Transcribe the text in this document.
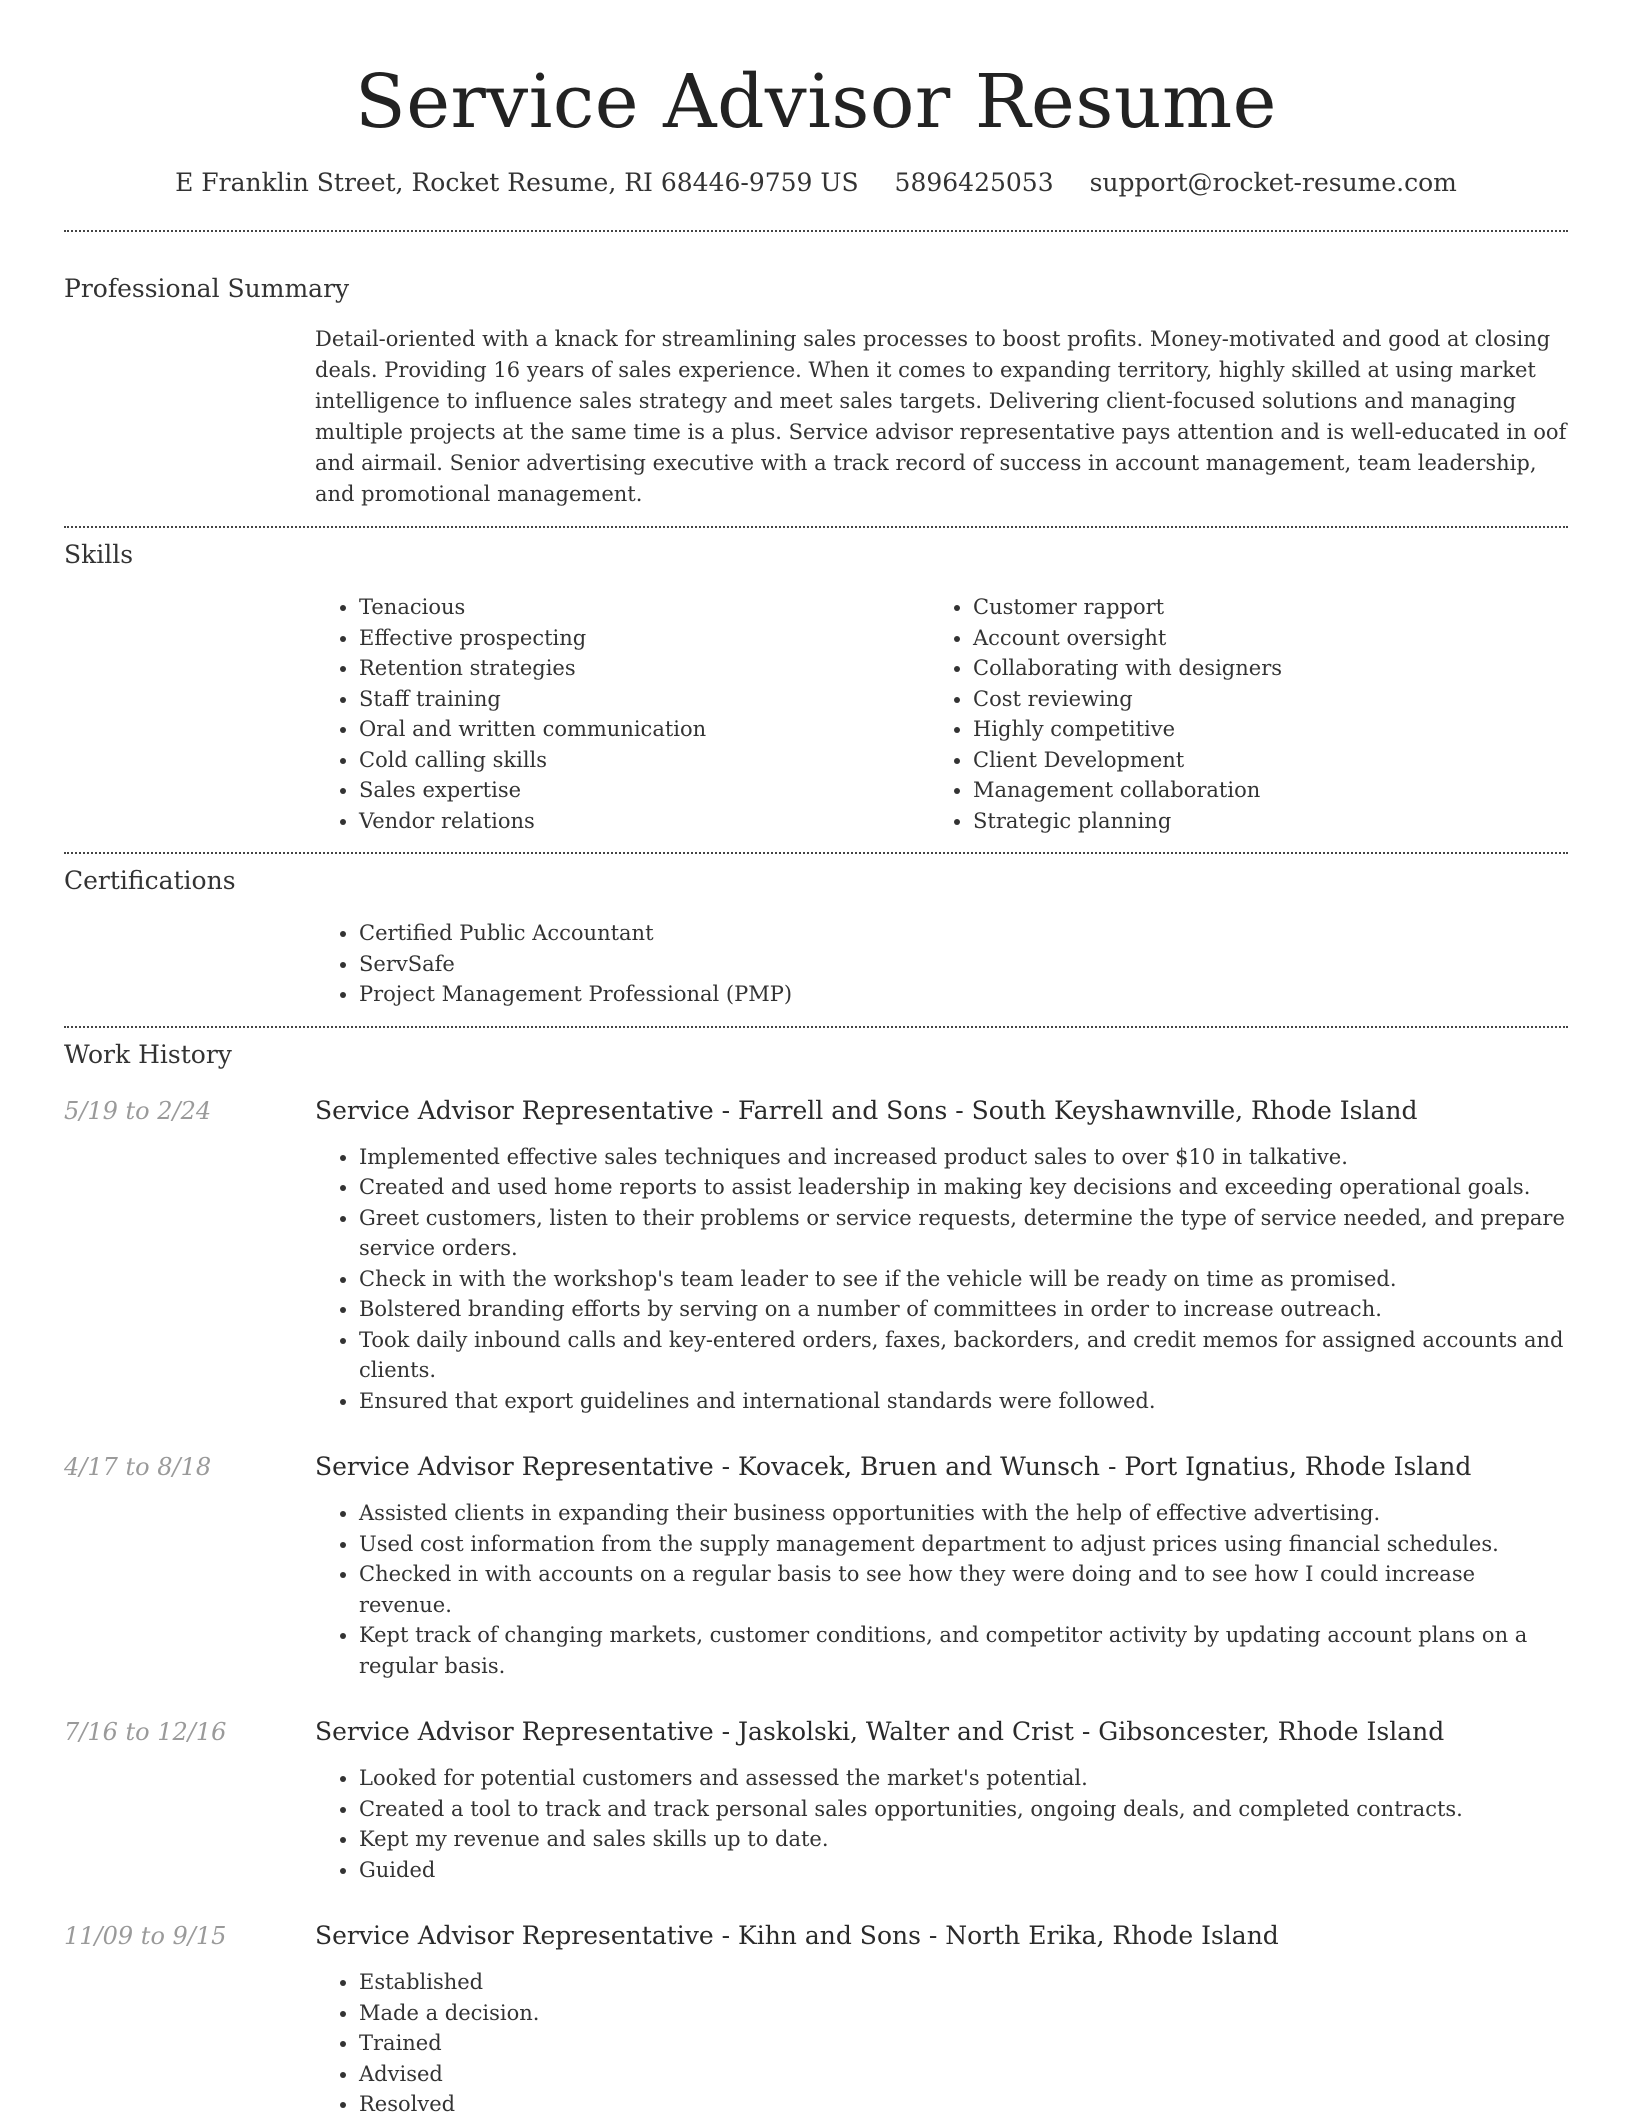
Service Advisor Resume
E Franklin Street, Rocket Resume, RI 68446-9759 US 5896425053 support@rocket-resume.com
Professional Summary

Detail-oriented with a knack for streamlining sales processes to boost profits. Money-motivated and good at closing deals. Providing 16 years of sales experience. When it comes to expanding territory, highly skilled at using market intelligence to influence sales strategy and meet sales targets. Delivering client-focused solutions and managing multiple projects at the same time is a plus. Service advisor representative pays attention and is well-educated in oof and airmail. Senior advertising executive with a track record of success in account management, team leadership, and promotional management.

Skills
• Tenacious
• Effective prospecting
• Retention strategies
• Staff training
• Oral and written communication
• Cold calling skills
• Sales expertise
• Vendor relations
• Customer rapport
• Account oversight
• Collaborating with designers
• Cost reviewing
• Highly competitive
• Client Development
• Management collaboration
• Strategic planning
Certifications
• Certified Public Accountant
• ServSafe
• Project Management Professional (PMP)
Work History
5/19 to 2/24	Service Advisor Representative - Farrell and Sons - South Keyshawnville, Rhode Island
• Implemented effective sales techniques and increased product sales to over $10 in talkative.
• Created and used home reports to assist leadership in making key decisions and exceeding operational goals.
• Greet customers, listen to their problems or service requests, determine the type of service needed, and prepare service orders.
• Check in with the workshop's team leader to see if the vehicle will be ready on time as promised.
• Bolstered branding efforts by serving on a number of committees in order to increase outreach.
• Took daily inbound calls and key-entered orders, faxes, backorders, and credit memos for assigned accounts and clients.
• Ensured that export guidelines and international standards were followed.
4/17 to 8/18	Service Advisor Representative - Kovacek, Bruen and Wunsch - Port Ignatius, Rhode Island
• Assisted clients in expanding their business opportunities with the help of effective advertising.
• Used cost information from the supply management department to adjust prices using financial schedules.
• Checked in with accounts on a regular basis to see how they were doing and to see how I could increase revenue.
• Kept track of changing markets, customer conditions, and competitor activity by updating account plans on a regular basis.
7/16 to 12/16	Service Advisor Representative - Jaskolski, Walter and Crist - Gibsoncester, Rhode Island
• Looked for potential customers and assessed the market's potential.
• Created a tool to track and track personal sales opportunities, ongoing deals, and completed contracts.
• Kept my revenue and sales skills up to date.
• Guided
11/09 to 9/15	Service Advisor Representative - Kihn and Sons - North Erika, Rhode Island
• Established
• Made a decision.
• Trained
• Advised
• Resolved
